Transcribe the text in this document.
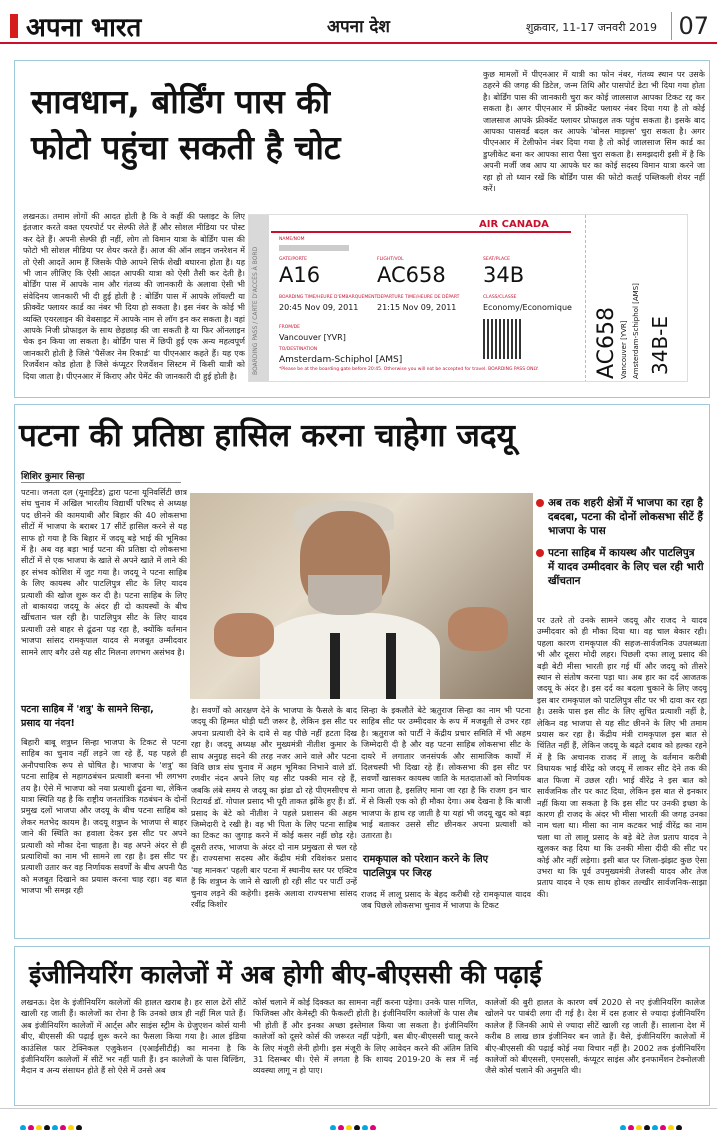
अपना भारत	अपना देश	शुक्रवार, 11-17 जनवरी 2019 07
सावधान, बोर्डिंग पास की
फोटो पहुंचा सकती है चोट
लखनऊ। तमाम लोगों की आदत होती है कि वे कहीं की फ्लाइट के लिए इंतजार करते वक्त एयरपोर्ट पर सेल्फी लेते हैं और सोशल मीडिया पर पोस्ट कर देते हैं। अपनी सेल्फी ही नहीं, लोग तो विमान यात्रा के बोर्डिंग पास की फोटो भी सोशल मीडिया पर शेयर करते हैं। आज की ऑन लाइन जनरेशन में तो ऐसी आदतें आम हैं जिसके पीछे आपने सिर्फ शेखी बघारना होता है। यह भी जान लीजिए कि ऐसी आदत आपकी यात्रा को ऐसी तैसी कर देती है। बोर्डिंग पास में आपके नाम और गंतव्य की जानकारी के अलावा ऐसी भी संवेदिनय जानकारी भी दी हुई होती है : बोर्डिंग पास में आपके लॉयल्टी या फ्रीक्वेंट फ्लायर कार्ड का नंबर भी दिया हो सकता है। इस नंबर के कोई भी व्यक्ति एयरलाइन की वेबसाइट में आपके नाम से लॉग इन कर सकता है। वहां आपके निजी प्रोफाइल के साथ छेड़छाड़ की जा सकती है या फिर ऑनलाइन चेक इन किया जा सकता है। बोर्डिंग पास में छिपी हुई एक अन्य महत्वपूर्ण जानकारी होती है जिसे 'पैसेंजर नेम रिकार्ड' या पीएनआर कहते हैं। यह एक रिजर्वेशन कोड होता है जिसे कंप्यूटर रिजर्वेशन सिस्टम में किसी यात्री को दिया जाता है। पीएनआर में किराए और पेमेंट की जानकारी दी हुई होती है।
कुछ मामलों में पीएनआर में यात्री का फोन नंबर, गंतव्य स्थान पर उसके ठहरने की जगह की डिटेल, जन्म तिथि और पासपोर्ट डेटा भी दिया गया होता है। बोर्डिंग पास की जानकारी चुरा कर कोई जालसाज आपका टिकट रद्द कर सकता है। अगर पीएनआर में फ्रीक्वेंट फ्लायर नंबर दिया गया है तो कोई जालसाज आपके फ्रीक्वेंट फ्लायर प्रोफाइल तक पहुंच सकता है। इसके बाद आपका पासवर्ड बदल कर आपके 'बोनस माइल्स' चुरा सकता है। अगर पीएनआर में टेलीफोन नंबर दिया गया है तो कोई जालसाज सिम कार्ड का डुप्लीकेट बना कर आपका सारा पैसा चुरा सकता है। समझदारी इसी में है कि अपनी मर्जी जब आप या आपके घर का कोई सदस्य विमान यात्रा करने जा रहा हो तो ध्यान रखें कि बोर्डिंग पास की फोटो कतई पब्लिकली शेयर नहीं करें।
BOARDING PASS / CARTE D'ACCÈS À BORD
AIR CANADA
NAME/NOM
GATE/PORTE
A16
FLIGHT/VOL
AC658
SEAT/PLACE
34B
BOARDING TIME/HEURE D'EMBARQUEMENT
20:45 Nov 09, 2011
DEPARTURE TIME/HEURE DE DÉPART
21:15 Nov 09, 2011
CLASS/CLASSE
Economy/Economique
FROM/DE
Vancouver [YVR]
TO/DESTINATION
Amsterdam-Schiphol [AMS]
*Please be at the boarding gate before 20:45. Otherwise you will not be accepted for travel. BOARDING PASS ONLY.	34B-E
AC658 Vancouver [YVR] Amsterdam-Schiphol [AMS]
पटना की प्रतिष्ठा हासिल करना चाहेगा जदयू
शिशिर कुमार सिन्हा
पटना। जनता दल (यूनाईटेड) द्वारा पटना यूनिवर्सिटी छात्र संघ चुनाव में अखिल भारतीय विद्यार्थी परिषद से अध्यक्ष पद छीनने की कामयाबी और बिहार की 40 लोकसभा सीटों में भाजपा के बराबर 17 सीटें हासिल करने से यह साफ हो गया है कि बिहार में जदयू बड़े भाई की भूमिका में है। अब वह बड़ा भाई पटना की प्रतिष्ठा दो लोकसभा सीटों में से एक भाजपा के खाते से अपने खाते में लाने की हर संभव कोशिश में जुट गया है। जदयू ने पटना साहिब के लिए कायस्थ और पाटलिपुत्र सीट के लिए यादव प्रत्याशी की खोज शुरू कर दी है। पटना साहिब के लिए तो बाकायदा जदयू के अंदर ही दो कायस्थों के बीच खींचतान चल रही है। पाटलिपुत्र सीट के लिए यादव प्रत्याशी उसे बाहर से ढूंढना पड़ रहा है, क्योंकि वर्तमान भाजपा सांसद रामकृपाल यादव से मजबूत उम्मीदवार सामने लाए बगैर उसे यह सीट मिलना लगभग असंभव है।
पटना साहिब में 'शत्रु' के सामने सिन्हा,
प्रसाद या नंदन!
बिहारी बाबू शत्रुघ्न सिन्हा भाजपा के टिकट से पटना साहिब का चुनाव नहीं लड़ने जा रहे हैं, यह पहले ही अनौपचारिक रूप से घोषित है। भाजपा के 'शत्रु' का पटना साहिब से महागठबंधन प्रत्याशी बनना भी लगभग तय है। ऐसे में भाजपा को नया प्रत्याशी ढूंढना था, लेकिन यात्रा स्थिति यह है कि राष्ट्रीय जनतांत्रिक गठबंधन के दोनों प्रमुख दलों भाजपा और जदयू के बीच पटना साहिब को लेकर मतभेद कायम है। जदयू शत्रुघ्न के भाजपा से बाहर जाने की स्थिति का हवाला देकर इस सीट पर अपने प्रत्याशी को मौका देना चाहता है। वह अपने अंदर से ही प्रत्याशियों का नाम भी सामने ला रहा है। इस सीट पर प्रत्याशी उतार कर वह निर्णायक सवर्णों के बीच अपनी पैठ को मजबूत दिखाने का प्रयास करना चाह रहा। वह बात भाजपा भी समझ रही
है। सवर्णों को आरक्षण देने के भाजपा के फैसले के बाद जदयू की हिम्मत थोड़ी घटी जरूर है, लेकिन इस सीट पर अपना प्रत्याशी देने के दावे से वह पीछे नहीं हटता दिख रहा है। जदयू अध्यक्ष और मुख्यमंत्री नीतीश कुमार के साथ अनुग्रह सदने की तरह नजर आने वाले और पटना विवि छात्र संघ चुनाव में अहम भूमिका निभाने वाले डॉ. रणवीर नंदन अपने लिए यह सीट पक्की मान रहे हैं, जबकि लंबे समय से जदयू का झंडा ढो रहे पीएमसीएच से रिटायर्ड डॉ. गोपाल प्रसाद भी पूरी ताकत झोंके हुए हैं। डॉ. प्रसाद के बेटे को नीतीश ने पहले प्रशासन की अहम जिम्मेदारी दे रखी है। वह भी पिता के लिए पटना साहिब का टिकट का जुगाड़ करने में कोई कसर नहीं छोड़ रहे। दूसरी तरफ, भाजपा के अंदर दो नाम प्रमुखता से चल रहे हैं। राज्यसभा सदस्य और केंद्रीय मंत्री रविशंकर प्रसाद 'यह मानकर' पहली बार पटना में स्थानीय स्तर पर एक्टिव हैं कि शत्रुघ्न के जाने से खाली हो रही सीट पर पार्टी उन्हें चुनाव लड़ने की कहेगी। इसके अलावा राज्यसभा सांसद रवींद्र किशोर
सिन्हा के इकलौते बेटे ऋतुराज सिन्हा का नाम भी पटना साहिब सीट पर उम्मीदवार के रूप में मजबूती से उभर रहा है। ऋतुराज को पार्टी ने केंद्रीय प्रचार समिति में भी अहम जिम्मेदारी दी है और वह पटना साहिब लोकसभा सीट के दायरे में लगातार जनसंपर्क और सामाजिक कार्यों में दिलचस्पी भी दिखा रहे हैं। लोकसभा की इस सीट पर सवर्णों खासकर कायस्थ जाति के मतदाताओं को निर्णायक माना जाता है, इसलिए माना जा रहा है कि राजग इन चार में से किसी एक को ही मौका देगा। अब देखना है कि बाजी भाजपा के हाथ रह जाती है या यहां भी जदयू खुद को बड़ा भाई बताकर उससे सीट छीनकर अपना प्रत्याशी को उतारता है।
रामकृपाल को परेशान करने के लिए
पाटलिपुत्र पर जिरह
राजद में लालू प्रसाद के बेहद करीबी रहे रामकृपाल यादव जब पिछले लोकसभा चुनाव में भाजपा के टिकट
पर उतरे तो उनके सामने जदयू और राजद ने यादव उम्मीदवार को ही मौका दिया था। वह चाल बेकार रही। पहला कारण रामकृपाल की सहज-सार्वजनिक उपलब्धता भी और दूसरा मोदी लहर। पिछली दफा लालू प्रसाद की बड़ी बेटी मीसा भारती हार गई थीं और जदयू को तीसरे स्थान से संतोष करना पड़ा था। अब हार का दर्द आजतक जदयू के अंदर है। इस दर्द का बदला चुकाने के लिए जदयू इस बार रामकृपाल को पाटलिपुत्र सीट पर भी दावा कर रहा है। उसके पास इस सीट के लिए सुचित प्रत्याशी नहीं है, लेकिन वह भाजपा से यह सीट छीनने के लिए भी तमाम प्रयास कर रहा है। केंद्रीय मंत्री रामकृपाल इस बात से चिंतित नहीं हैं, लेकिन जदयू के बढ़ते दबाव को हल्का रहने में है कि अचानक राजद में लालू के वर्तमान करीबी विधायक भाई वीरेंद्र को जदयू में लाकर सीट देने तक की बात फिजा में उछल रही। भाई वीरेंद्र ने इस बात को सार्वजनिक तौर पर काट दिया, लेकिन इस बात से इनकार नहीं किया जा सकता है कि इस सीट पर उनकी इच्छा के कारण ही राजद के अंदर भी मीसा भारती की जगह उनका नाम चला था। मीसा का नाम कटकर भाई वीरेंद्र का नाम चला था तो लालू प्रसाद के बड़े बेटे तेज प्रताप यादव ने खुलकर कह दिया था कि उनकी मीसा दीदी की सीट पर कोई और नहीं लड़ेगा। इसी बात पर जिला-झंझट कुछ ऐसा उभरा था कि पूर्व उपमुख्यमंत्री तेजस्वी यादव और तेज प्रताप यादव ने एक साथ होकर तल्खीर सार्वजनिक-साझा की।
अब तक शहरी क्षेत्रों में भाजपा का रहा है दबदबा, पटना की दोनों लोकसभा सीटें हैं भाजपा के पास
पटना साहिब में कायस्थ और पाटलिपुत्र में यादव उम्मीदवार के लिए चल रही भारी खींचतान
इंजीनियरिंग कालेजों में अब होगी बीए-बीएससी की पढ़ाई
लखनऊ। देश के इंजीनियरिंग कालेजों की हालत खराब है। हर साल ढेरों सीटें खाली रह जाती हैं। कालेजों का रोना है कि उनको छात्र ही नहीं मिल पाते हैं। अब इंजीनियरिंग कालेजों में आर्ट्स और साइंस स्ट्रीम के ग्रेजुएशन कोर्स यानी बीए, बीएससी की पढ़ाई शुरू करने का फैसला किया गया है। आल इंडिया काउंसिल फार टेक्निकल एजुकेशन (एआईसीटीई) का मानना है कि इंजीनियरिंग कालेजों में सीटें भर नहीं पाती हैं। इन कालेजों के पास बिल्डिंग, मैदान व अन्य संसाधन होते हैं सो ऐसे में उनसे अब
कोर्स चलाने में कोई दिक्कत का सामना नहीं करना पड़ेगा। उनके पास गणित, फिजिक्स और केमेस्ट्री की फैकल्टी होती है। इंजीनियरिंग कालेजों के पास लैब भी होती हैं और इनका अच्छा इस्तेमाल किया जा सकता है। इंजीनियरिंग कालेजों को दूसरे कोर्स की जरूरत नहीं पड़ेगी, बस बीए-बीएससी चालू करने के लिए मंजूरी लेनी होगी। इस मंजूरी के लिए आवेदन करने की अंतिम तिथि 31 दिसम्बर थी। ऐसे में लगता है कि शायद 2019-20 के सत्र में नई व्यवस्था लागू न हो पाए।
कालेजों की बुरी हालत के कारण वर्ष 2020 से नए इंजीनियरिंग कालेज खोलने पर पाबंदी लगा दी गई है। देश में दस हजार से ज्यादा इंजीनियरिंग कालेज हैं जिनकी आधे से ज्यादा सीटें खाली रह जाती हैं। सालाना देश में करीब 8 लाख छात्र इंजीनियर बन जाते हैं। वैसे, इंजीनियरिंग कालेजों में बीए-बीएससी की पढ़ाई कोई नया विचार नहीं है। 2002 तक इंजीनियरिंग कालेजों को बीएससी, एमएससी, कंप्यूटर साइंस और इनफार्मेशन टेक्नोलजी जैसे कोर्स चलाने की अनुमति थी।
